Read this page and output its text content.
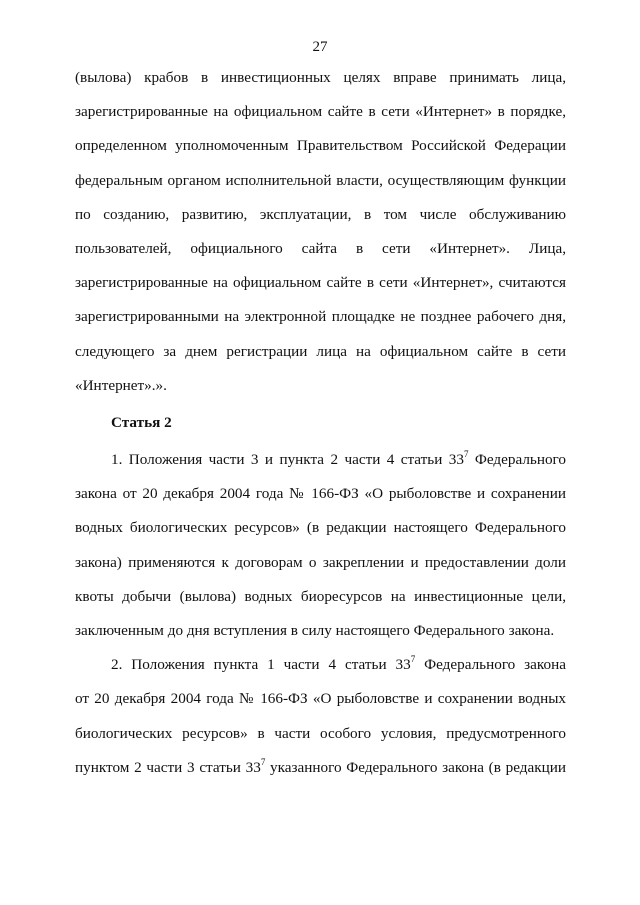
27

(вылова) крабов в инвестиционных целях вправе принимать лица,

зарегистрированные на официальном сайте в сети «Интернет» в порядке,

определенном уполномоченным Правительством Российской Федерации

федеральным органом исполнительной власти, осуществляющим функции

по созданию, развитию, эксплуатации, в том числе обслуживанию

пользователей, официального сайта в сети «Интернет». Лица,

зарегистрированные на официальном сайте в сети «Интернет», считаются

зарегистрированными на электронной площадке не позднее рабочего дня,

следующего за днем регистрации лица на официальном сайте в сети

«Интернет».».

Статья 2

1. Положения части 3 и пункта 2 части 4 статьи $33^7$ Федерального

закона от 20 декабря 2004 года № 166-ФЗ «О рыболовстве и сохранении

водных биологических ресурсов» (в редакции настоящего Федерального

закона) применяются к договорам о закреплении и предоставлении доли

квоты добычи (вылова) водных биоресурсов на инвестиционные цели,

заключенным до дня вступления в силу настоящего Федерального закона.

2. Положения пункта 1 части 4 статьи $33^7$ Федерального закона

от 20 декабря 2004 года № 166-ФЗ «О рыболовстве и сохранении водных

биологических ресурсов» в части особого условия, предусмотренного

пунктом 2 части 3 статьи $33^7$ указанного Федерального закона (в редакции
